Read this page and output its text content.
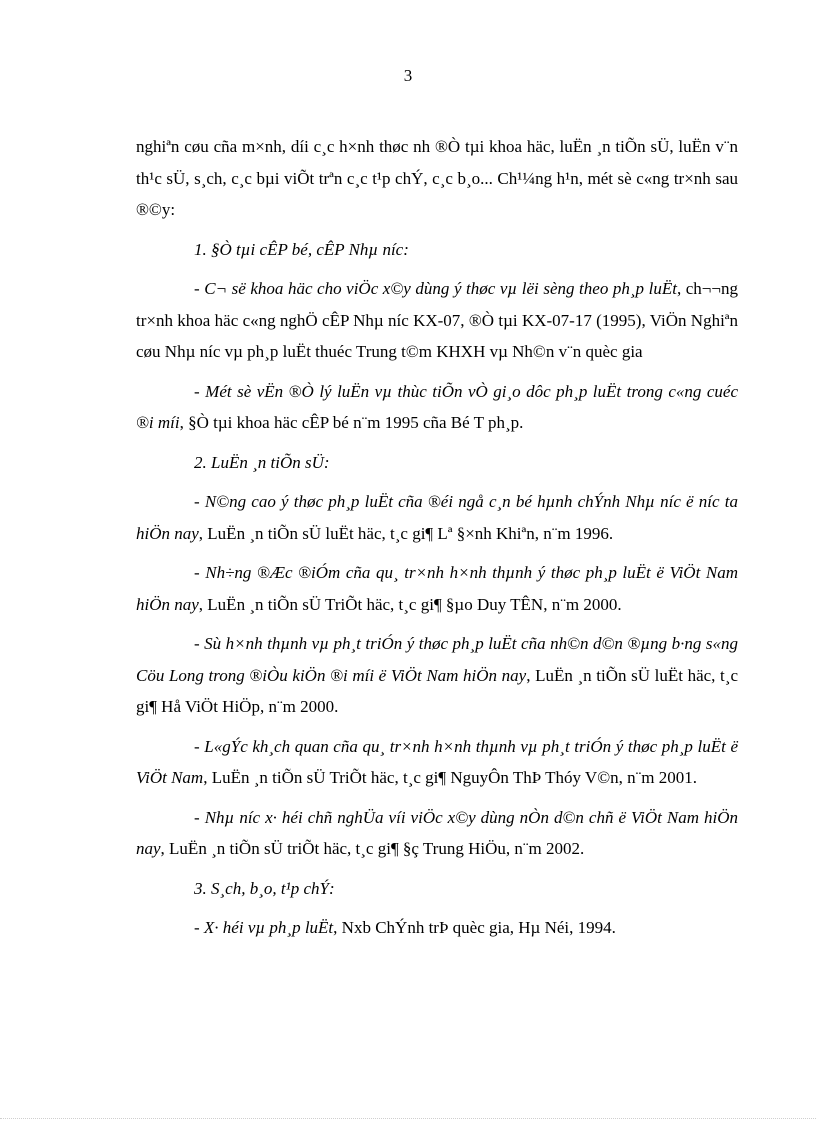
3

nghiªn cøu cña m×nh, díi c¸c h×nh thøc nh ®Ò tµi khoa häc, luËn ¸n tiÕn sÜ, luËn v¨n th¹c sÜ, s¸ch, c¸c bµi viÕt trªn c¸c t¹p chÝ, c¸c b¸o... Ch¹¼ng h¹n, mét sè c«ng tr×nh sau ®©y:

1. §Ò tµi cÊP bé, cÊP Nhµ níc:

- C¬ së khoa häc cho viÖc x©y dùng ý thøc vµ lëi sèng theo ph¸p luËt, ch¬¬ng tr×nh khoa häc c«ng nghÖ cÊP Nhµ níc KX-07, ®Ò tµi KX-07-17 (1995), ViÖn Nghiªn cøu Nhµ níc vµ ph¸p luËt thuéc Trung t©m KHXH vµ Nh©n v¨n quèc gia

- Mét sè vËn ®Ò lý luËn vµ thùc tiÕn vÒ gi¸o dôc ph¸p luËt trong c«ng cuéc ®i míi, §Ò tµi khoa häc cÊP bé n¨m 1995 cña Bé T ph¸p.

2. LuËn ¸n tiÕn sÜ:

- N©ng cao ý thøc ph¸p luËt cña ®éi ngå c¸n bé hµnh chÝnh Nhµ níc ë níc ta hiÖn nay, LuËn ¸n tiÕn sÜ luËt häc, t¸c gi¶ Lª §×nh Khiªn, n¨m 1996.

- Nh÷ng ®Æc ®iÓm cña qu¸ tr×nh h×nh thµnh ý thøc ph¸p luËt ë ViÖt Nam hiÖn nay, LuËn ¸n tiÕn sÜ TriÕt häc, t¸c gi¶ §µo Duy TÊN, n¨m 2000.

- Sù h×nh thµnh vµ ph¸t triÓn ý thøc ph¸p luËt cña nh©n d©n ®µng b·ng s«ng Cöu Long trong ®iÒu kiÖn ®i míi ë ViÖt Nam hiÖn nay, LuËn ¸n tiÕn sÜ luËt häc, t¸c gi¶ Hå ViÖt HiÖp, n¨m 2000.

- L«gÝc kh¸ch quan cña qu¸ tr×nh h×nh thµnh vµ ph¸t triÓn ý thøc ph¸p luËt ë ViÖt Nam, LuËn ¸n tiÕn sÜ TriÕt häc, t¸c gi¶ NguyÔn ThÞ Thóy V©n, n¨m 2001.

- Nhµ níc x· héi chñ nghÜa víi viÖc x©y dùng nÒn d©n chñ ë ViÖt Nam hiÖn nay, LuËn ¸n tiÕn sÜ triÕt häc, t¸c gi¶ §ç Trung HiÖu, n¨m 2002.

3. S¸ch, b¸o, t¹p chÝ:

- X· héi vµ ph¸p luËt, Nxb ChÝnh trÞ quèc gia, Hµ Néi, 1994.
